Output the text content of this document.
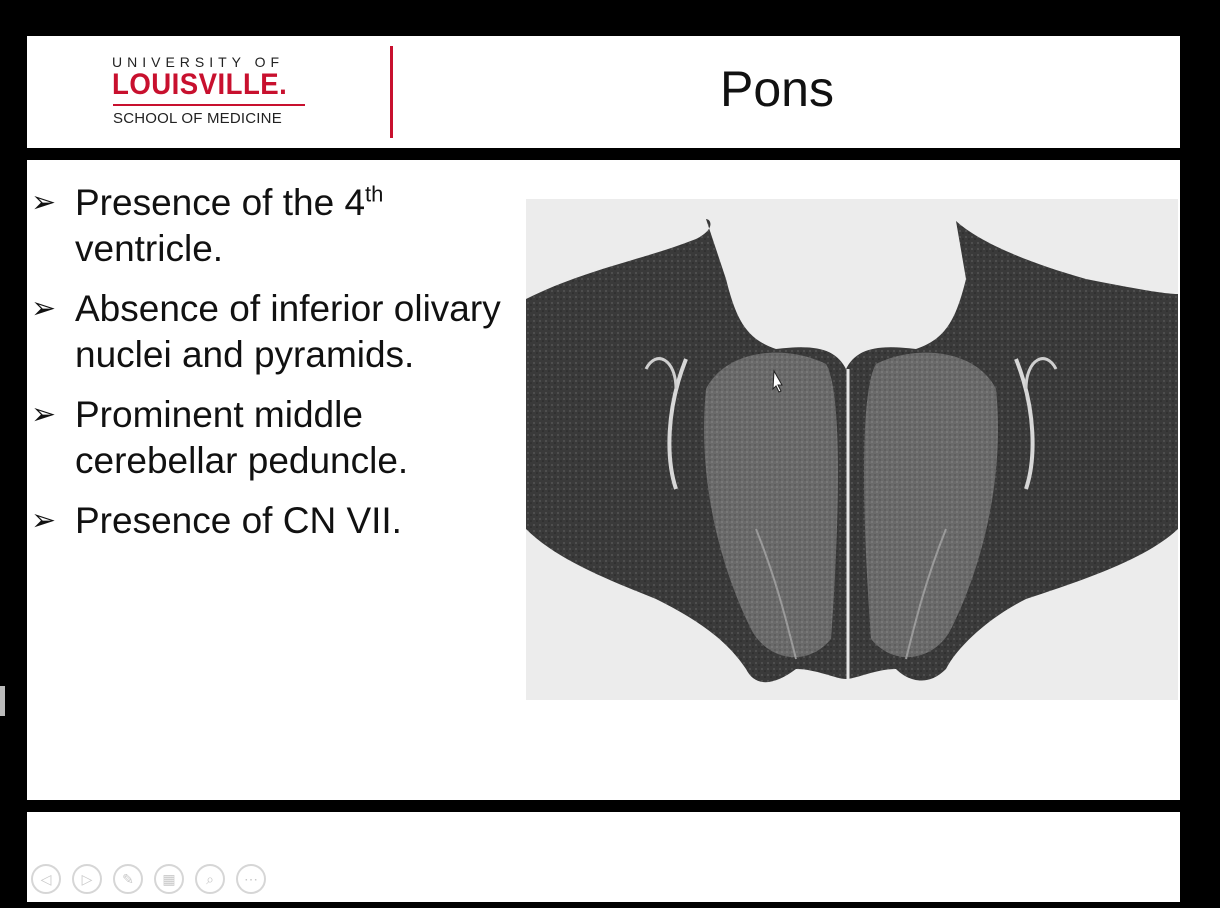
UNIVERSITY OF
LOUISVILLE.
SCHOOL OF MEDICINE
Pons
➢ Presence of the 4th ventricle.
➢ Absence of inferior olivary nuclei and pyramids.
➢ Prominent middle cerebellar peduncle.
➢ Presence of CN VII.
◁	▷	✎	▦	⌕	⋯
